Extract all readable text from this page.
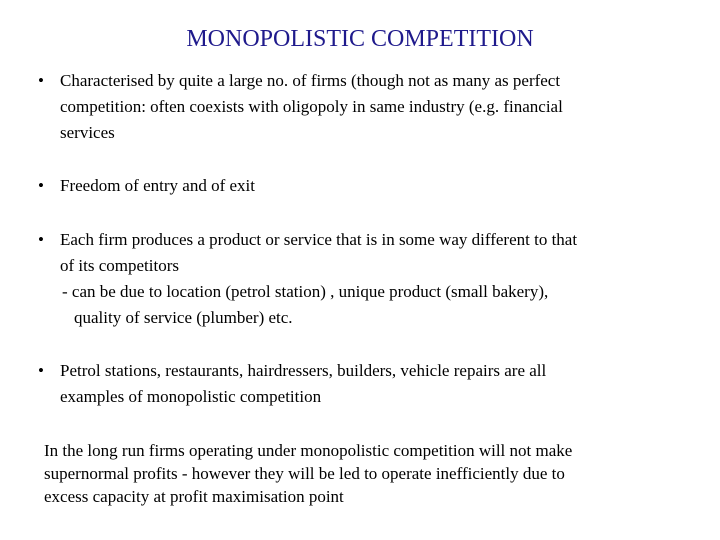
MONOPOLISTIC COMPETITION
• Characterised by quite a large no. of firms (though not as many as perfect
competition: often coexists with oligopoly in same industry (e.g. financial
services
• Freedom of entry and of exit
• Each firm produces a product or service that is in some way different to that
of its competitors
- can be due to location (petrol station) , unique product (small bakery),
quality of service (plumber) etc.
• Petrol stations, restaurants, hairdressers, builders, vehicle repairs are all
examples of monopolistic competition
In the long run firms operating under monopolistic competition will not make
supernormal profits - however they will be led to operate inefficiently due to
excess capacity at profit maximisation point
